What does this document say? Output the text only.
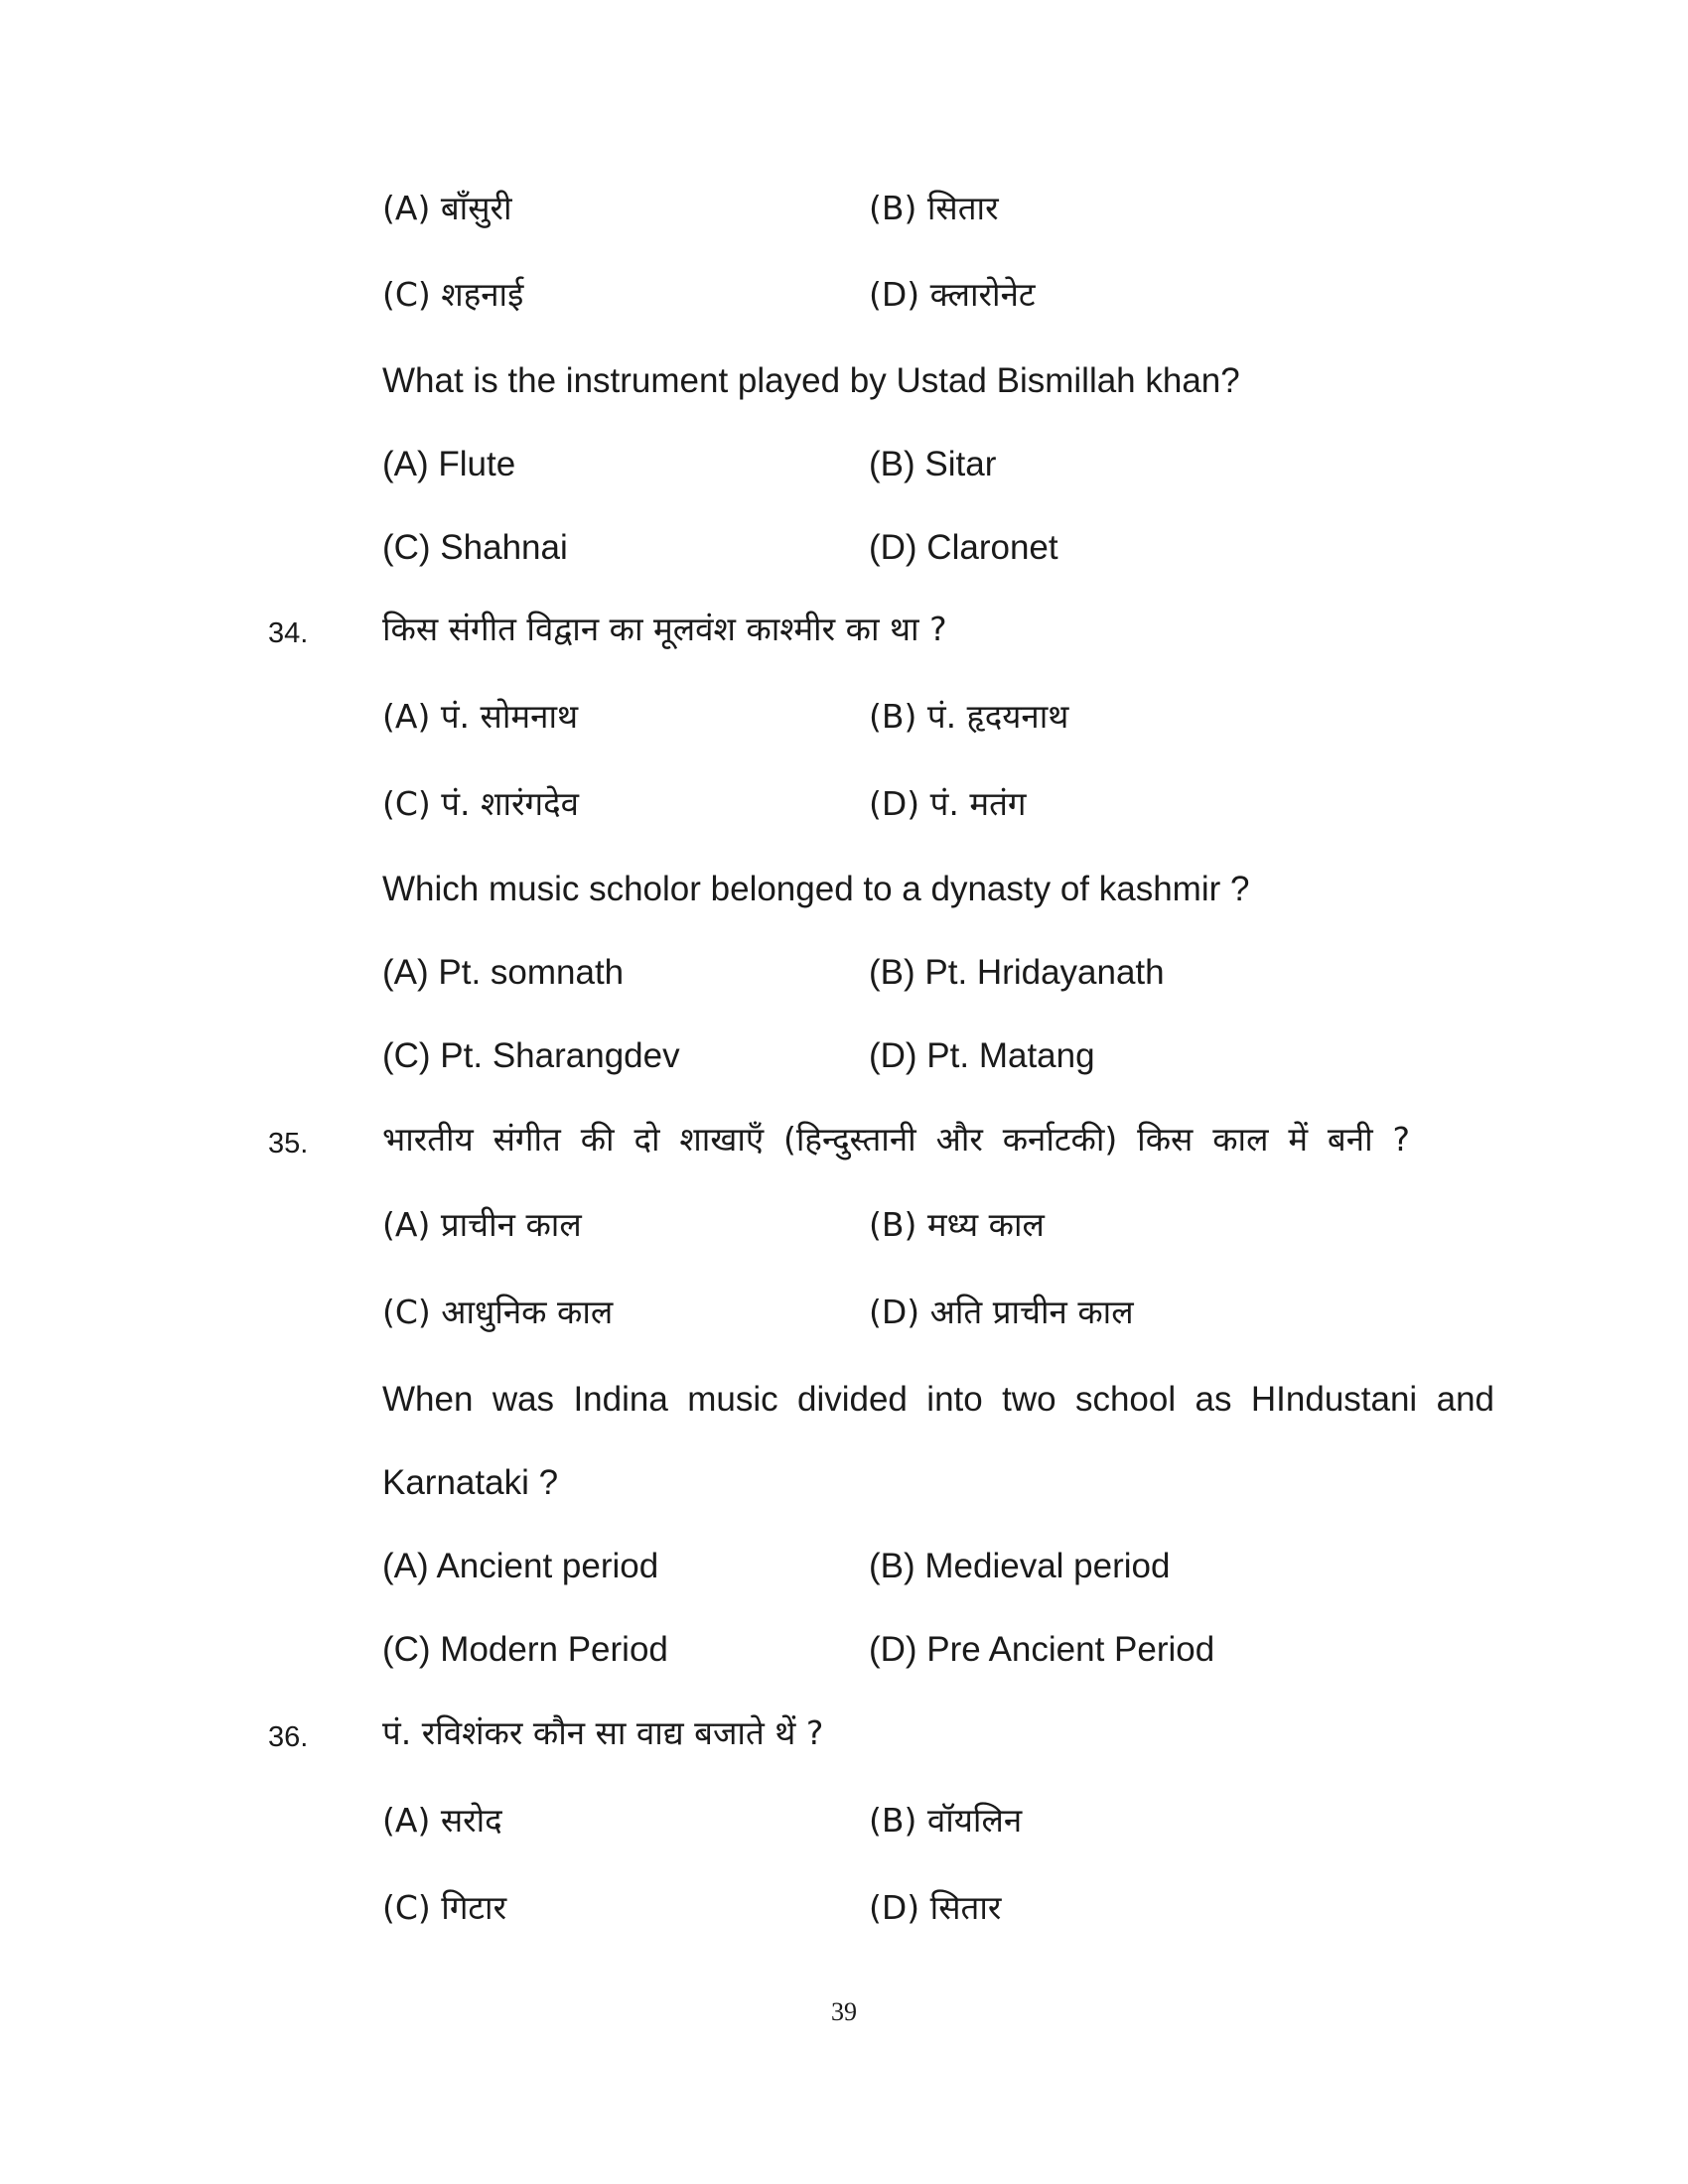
(A) बाँसुरी	(B) सितार
(C) शहनाई	(D) क्लारोनेट
What is the instrument played by Ustad Bismillah khan?
(A) Flute	(B) Sitar
(C) Shahnai	(D) Claronet
34. किस संगीत विद्वान का मूलवंश काश्मीर का था ?
(A) पं. सोमनाथ	(B) पं. हृदयनाथ
(C) पं. शारंगदेव	(D) पं. मतंग
Which music scholor belonged to a dynasty of kashmir ?
(A) Pt. somnath	(B) Pt. Hridayanath
(C) Pt. Sharangdev	(D) Pt. Matang
35. भारतीय संगीत की दो शाखाएँ (हिन्दुस्तानी और कर्नाटकी) किस काल में बनी ?
(A) प्राचीन काल	(B) मध्य काल
(C) आधुनिक काल	(D) अति प्राचीन काल
When was Indina music divided into two school as HIndustani and
Karnataki ?
(A) Ancient period	(B) Medieval period
(C) Modern Period	(D) Pre Ancient Period
36. पं. रविशंकर कौन सा वाद्य बजाते थें ?
(A) सरोद	(B) वॉयलिन
(C) गिटार	(D) सितार
39
